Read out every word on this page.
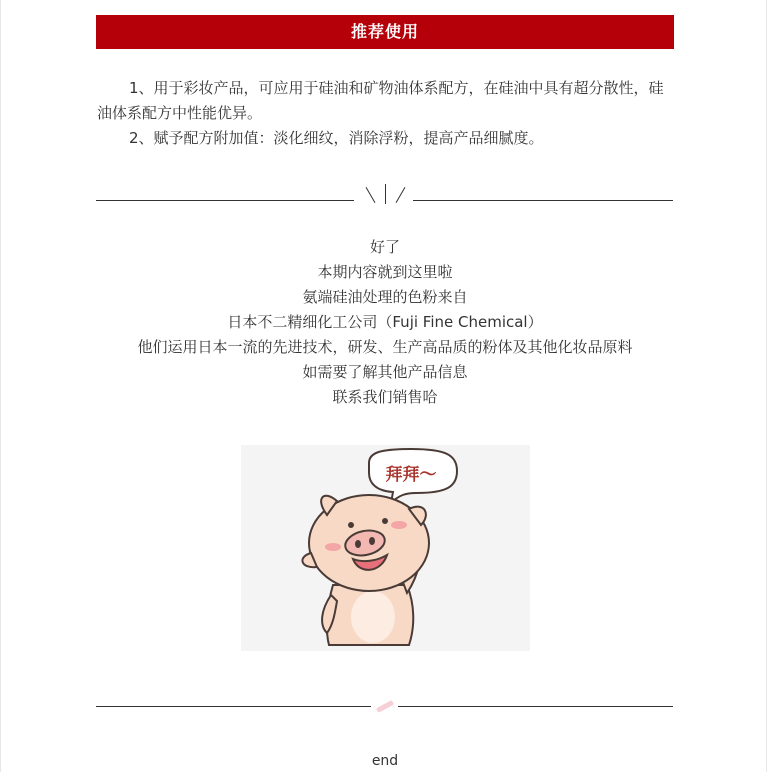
推荐使用

1、用于彩妆产品，可应用于硅油和矿物油体系配方，在硅油中具有超分散性，硅油体系配方中性能优异。

2、赋予配方附加值：淡化细纹，消除浮粉，提高产品细腻度。

好了
本期内容就到这里啦
氨端硅油处理的色粉来自
日本不二精细化工公司（Fuji Fine Chemical）
他们运用日本一流的先进技术，研发、生产高品质的粉体及其他化妆品原料
如需要了解其他产品信息
联系我们销售哈
拜拜～
end
